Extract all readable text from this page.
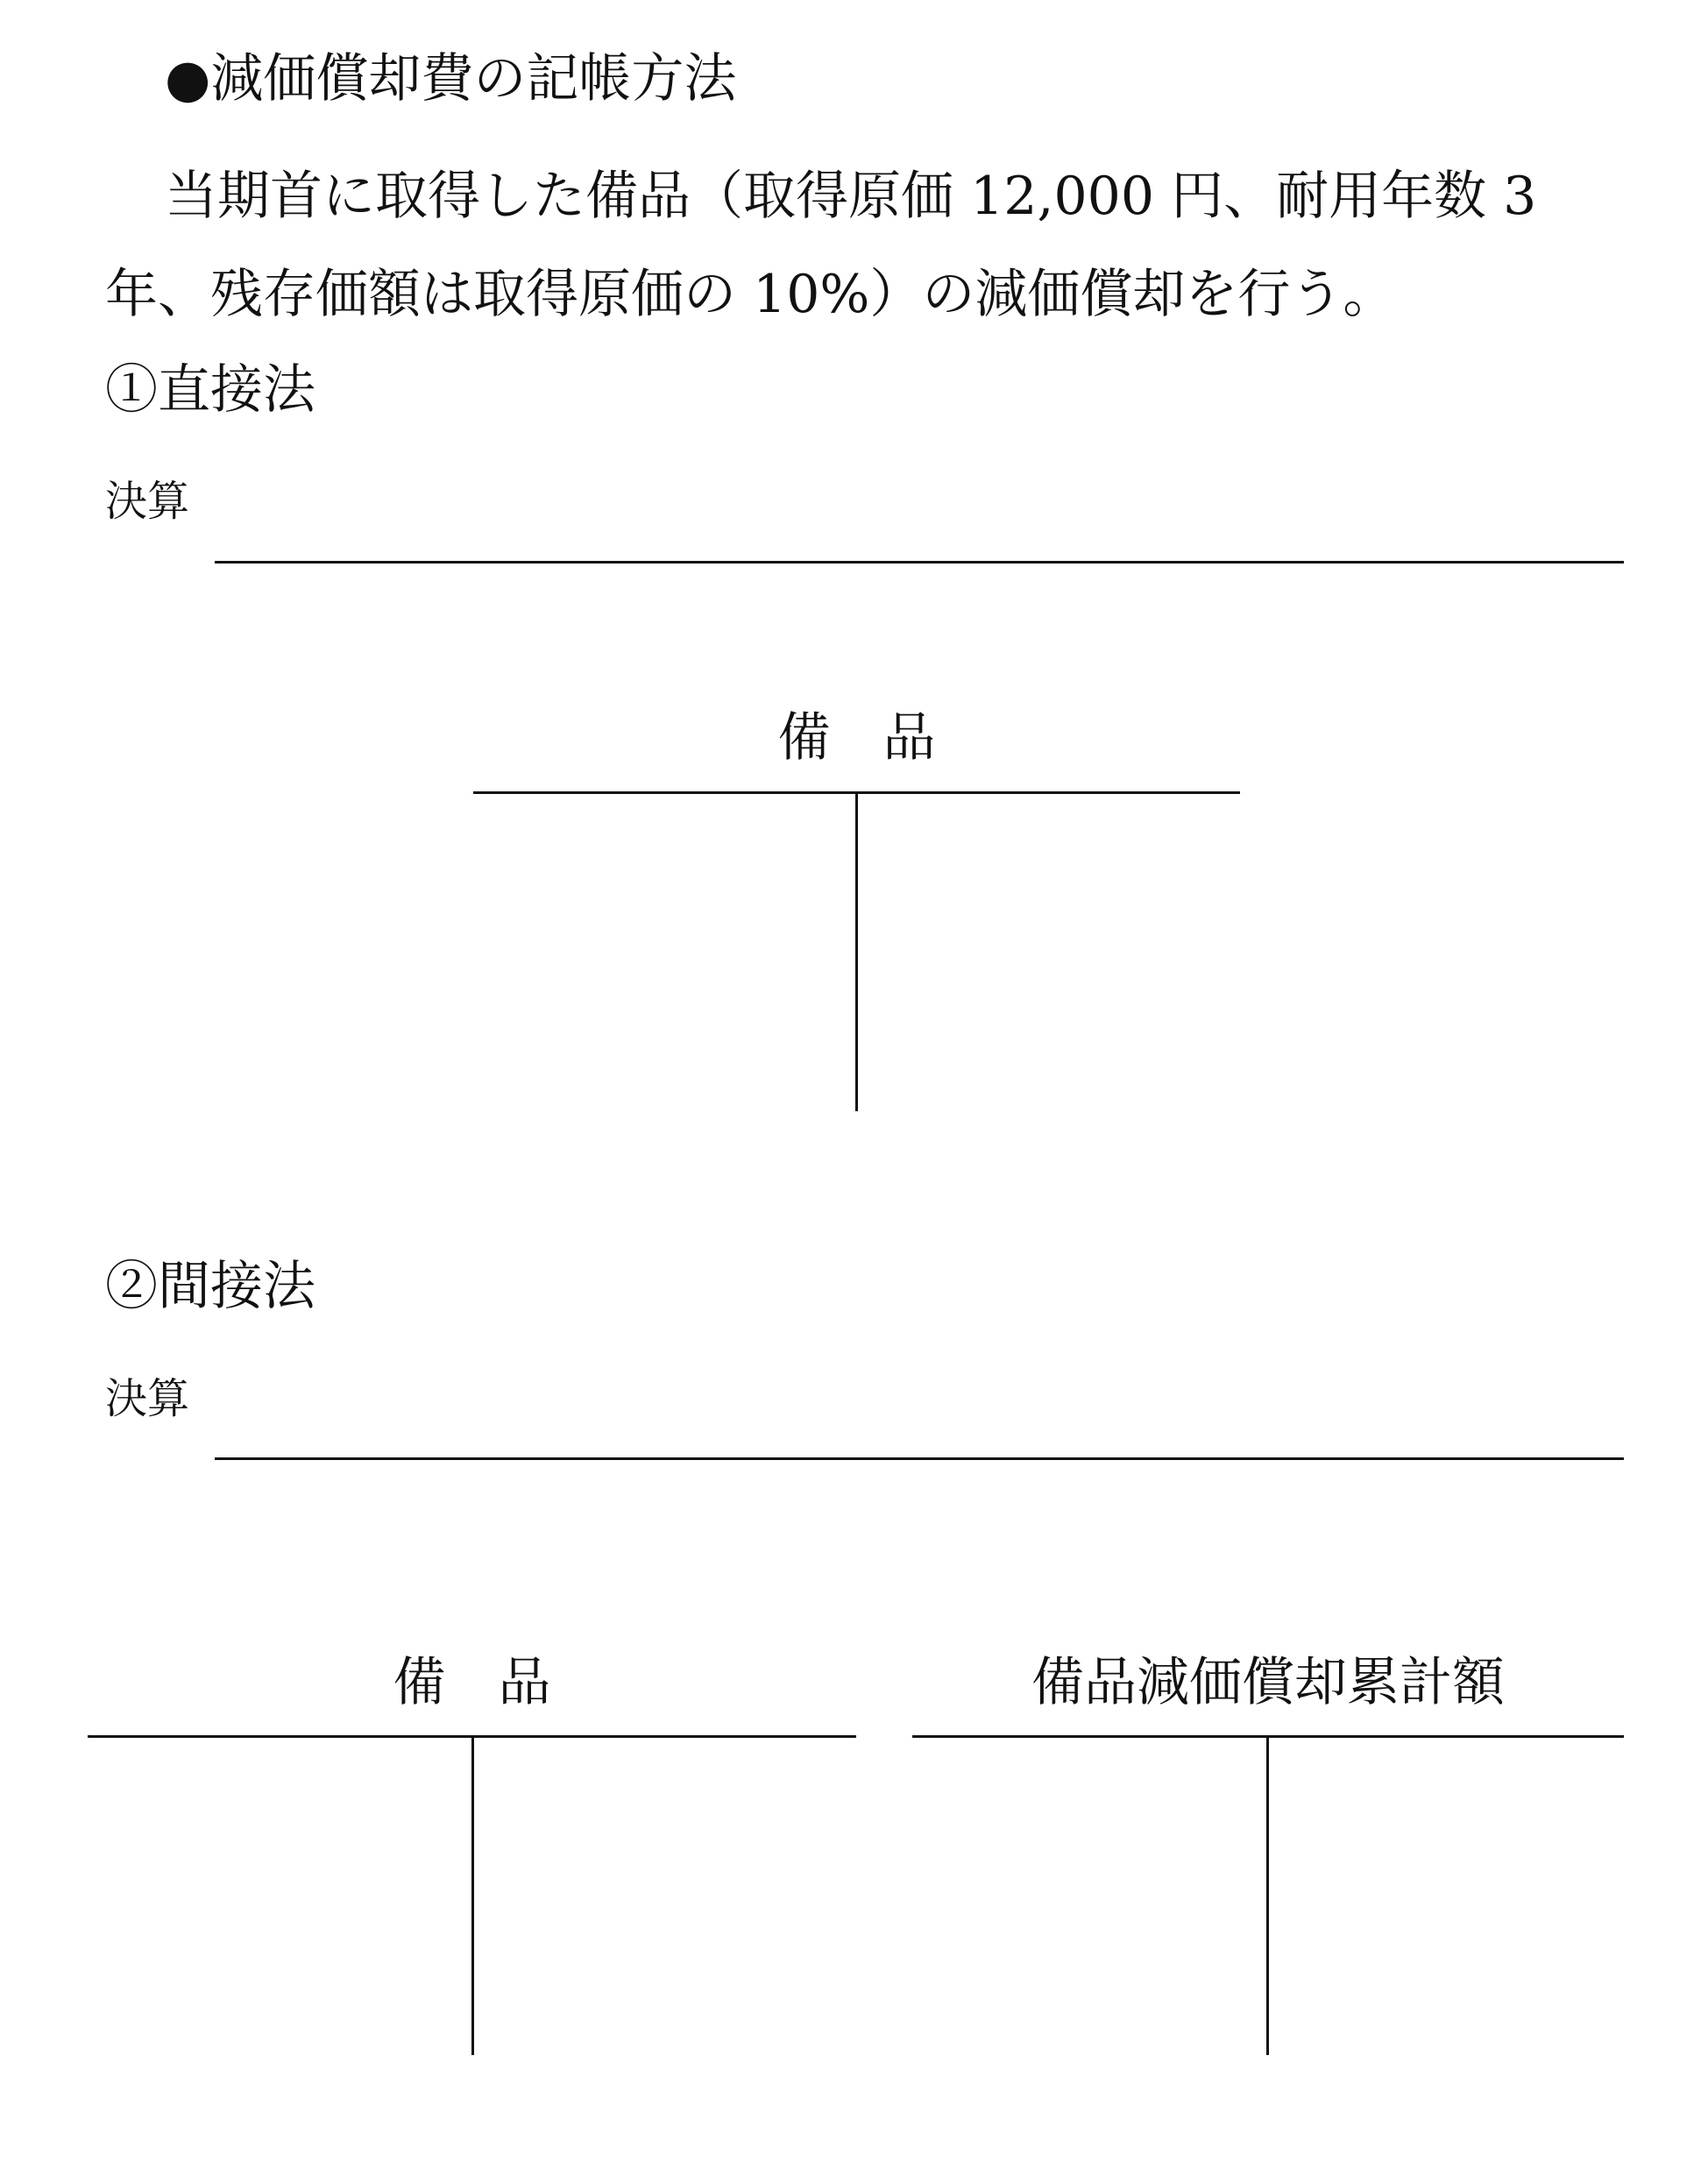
●減価償却費の記帳方法
当期首に取得した備品（取得原価 12,000 円、耐用年数 3
年、残存価額は取得原価の 10%）の減価償却を行う。
①直接法
決算
備　品
②間接法
決算
備　品	備品減価償却累計額
